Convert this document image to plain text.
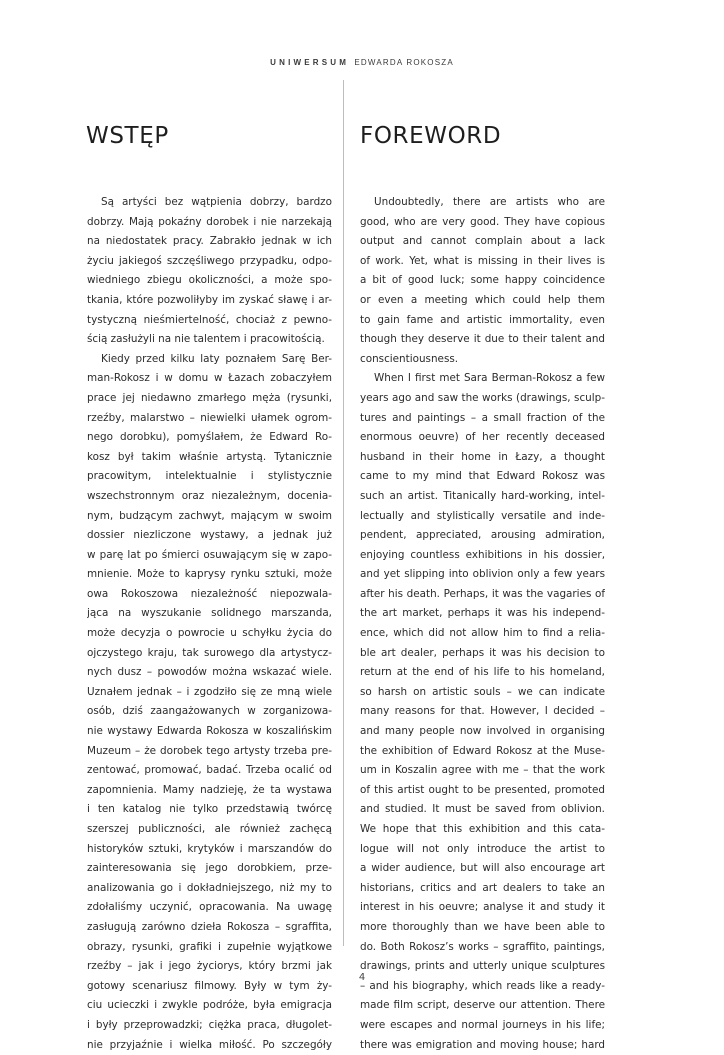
UNIWERSUM EDWARDA ROKOSZA
WSTĘP	FOREWORD
Są artyści bez wątpienia dobrzy, bardzo
dobrzy. Mają pokaźny dorobek i nie narzekają
na niedostatek pracy. Zabrakło jednak w ich
życiu jakiegoś szczęśliwego przypadku, odpo-
wiedniego zbiegu okoliczności, a może spo-
tkania, które pozwoliłyby im zyskać sławę i ar-
tystyczną nieśmiertelność, chociaż z pewno-
ścią zasłużyli na nie talentem i pracowitością.
Kiedy przed kilku laty poznałem Sarę Ber-
man-Rokosz i w domu w Łazach zobaczyłem
prace jej niedawno zmarłego męża (rysunki,
rzeźby, malarstwo – niewielki ułamek ogrom-
nego dorobku), pomyślałem, że Edward Ro-
kosz był takim właśnie artystą. Tytanicznie
pracowitym, intelektualnie i stylistycznie
wszechstronnym oraz niezależnym, docenia-
nym, budzącym zachwyt, mającym w swoim
dossier niezliczone wystawy, a jednak już
w parę lat po śmierci osuwającym się w zapo-
mnienie. Może to kaprysy rynku sztuki, może
owa Rokoszowa niezależność niepozwala-
jąca na wyszukanie solidnego marszanda,
może decyzja o powrocie u schyłku życia do
ojczystego kraju, tak surowego dla artystycz-
nych dusz – powodów można wskazać wiele.
Uznałem jednak – i zgodziło się ze mną wiele
osób, dziś zaangażowanych w zorganizowa-
nie wystawy Edwarda Rokosza w koszalińskim
Muzeum – że dorobek tego artysty trzeba pre-
zentować, promować, badać. Trzeba ocalić od
zapomnienia. Mamy nadzieję, że ta wystawa
i ten katalog nie tylko przedstawią twórcę
szerszej publiczności, ale również zachęcą
historyków sztuki, krytyków i marszandów do
zainteresowania się jego dorobkiem, prze-
analizowania go i dokładniejszego, niż my to
zdołaliśmy uczynić, opracowania. Na uwagę
zasługują zarówno dzieła Rokosza – sgraffita,
obrazy, rysunki, grafiki i zupełnie wyjątkowe
rzeźby – jak i jego życiorys, który brzmi jak
gotowy scenariusz filmowy. Były w tym ży-
ciu ucieczki i zwykle podróże, była emigracja
i były przeprowadzki; ciężka praca, długolet-
nie przyjaźnie i wielka miłość. Po szczegóły
Undoubtedly, there are artists who are
good, who are very good. They have copious
output and cannot complain about a lack
of work. Yet, what is missing in their lives is
a bit of good luck; some happy coincidence
or even a meeting which could help them
to gain fame and artistic immortality, even
though they deserve it due to their talent and
conscientiousness.
When I first met Sara Berman-Rokosz a few
years ago and saw the works (drawings, sculp-
tures and paintings – a small fraction of the
enormous oeuvre) of her recently deceased
husband in their home in Łazy, a thought
came to my mind that Edward Rokosz was
such an artist. Titanically hard-working, intel-
lectually and stylistically versatile and inde-
pendent, appreciated, arousing admiration,
enjoying countless exhibitions in his dossier,
and yet slipping into oblivion only a few years
after his death. Perhaps, it was the vagaries of
the art market, perhaps it was his independ-
ence, which did not allow him to find a relia-
ble art dealer, perhaps it was his decision to
return at the end of his life to his homeland,
so harsh on artistic souls – we can indicate
many reasons for that. However, I decided –
and many people now involved in organising
the exhibition of Edward Rokosz at the Muse-
um in Koszalin agree with me – that the work
of this artist ought to be presented, promoted
and studied. It must be saved from oblivion.
We hope that this exhibition and this cata-
logue will not only introduce the artist to
a wider audience, but will also encourage art
historians, critics and art dealers to take an
interest in his oeuvre; analyse it and study it
more thoroughly than we have been able to
do. Both Rokosz’s works – sgraffito, paintings,
drawings, prints and utterly unique sculptures
– and his biography, which reads like a ready-
made film script, deserve our attention. There
were escapes and normal journeys in his life;
there was emigration and moving house; hard
4
